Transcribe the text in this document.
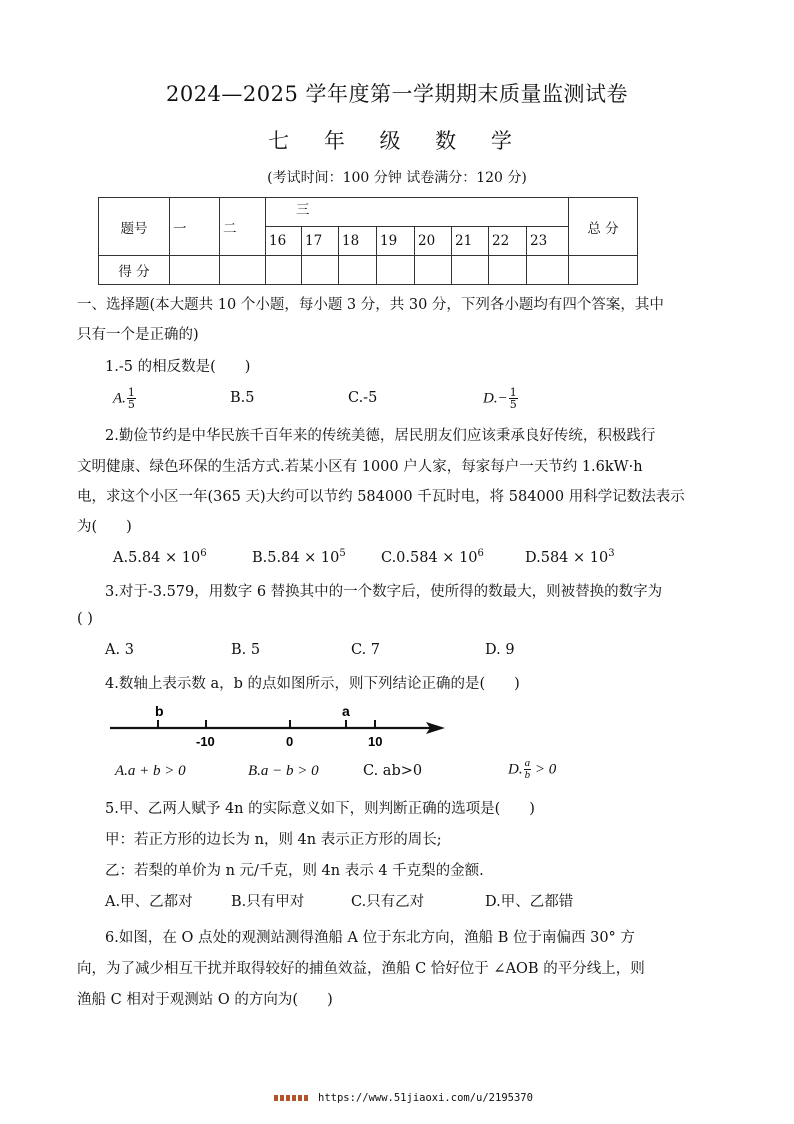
2024—2025 学年度第一学期期末质量监测试卷
七 年 级 数 学
(考试时间：100 分钟 试卷满分：120 分)
题号	一	二	三								总 分
			16	17	18	19	20	21	22	23	
得 分											
一、选择题(本大题共 10 个小题，每小题 3 分，共 30 分，下列各小题均有四个答案，其中
只有一个是正确的)
1.-5 的相反数是(　　)
A. $\frac{1}{5}$	B.5	C.-5	$D.- \frac{1}{5}$
2.勤俭节约是中华民族千百年来的传统美德，居民朋友们应该秉承良好传统，积极践行
文明健康、绿色环保的生活方式.若某小区有 1000 户人家，每家每户一天节约 1.6kW·h
电，求这个小区一年(365 天)大约可以节约 584000 千瓦时电，将 584000 用科学记数法表示
为(　　)
$A.5.84 \times 10^6$	$B.5.84 \times 10^5$ $C.0.584 \times 10^6$	$D.584 \times 10^3$
3.对于-3.579，用数字 6 替换其中的一个数字后，使所得的数最大，则被替换的数字为
( )
A. 3	B. 5	C. 7	D. 9
4.数轴上表示数 a，b 的点如图所示，则下列结论正确的是(　　)
b	a
-10	0	10
A.a + b > 0	B.a − b > 0	C. ab>0	D. $\frac{a}{b} > 0$
5.甲、乙两人赋予 4n 的实际意义如下，则判断正确的选项是(　　)
甲：若正方形的边长为 n，则 4n 表示正方形的周长;
乙：若梨的单价为 n 元/千克，则 4n 表示 4 千克梨的金额.
A.甲、乙都对	B.只有甲对	C.只有乙对	D.甲、乙都错
6.如图，在 O 点处的观测站测得渔船 A 位于东北方向，渔船 B 位于南偏西 30° 方
向，为了减少相互干扰并取得较好的捕鱼效益，渔船 C 恰好位于 ∠AOB 的平分线上，则
渔船 C 相对于观测站 O 的方向为(　　)
https://www.51jiaoxi.com/u/2195370
